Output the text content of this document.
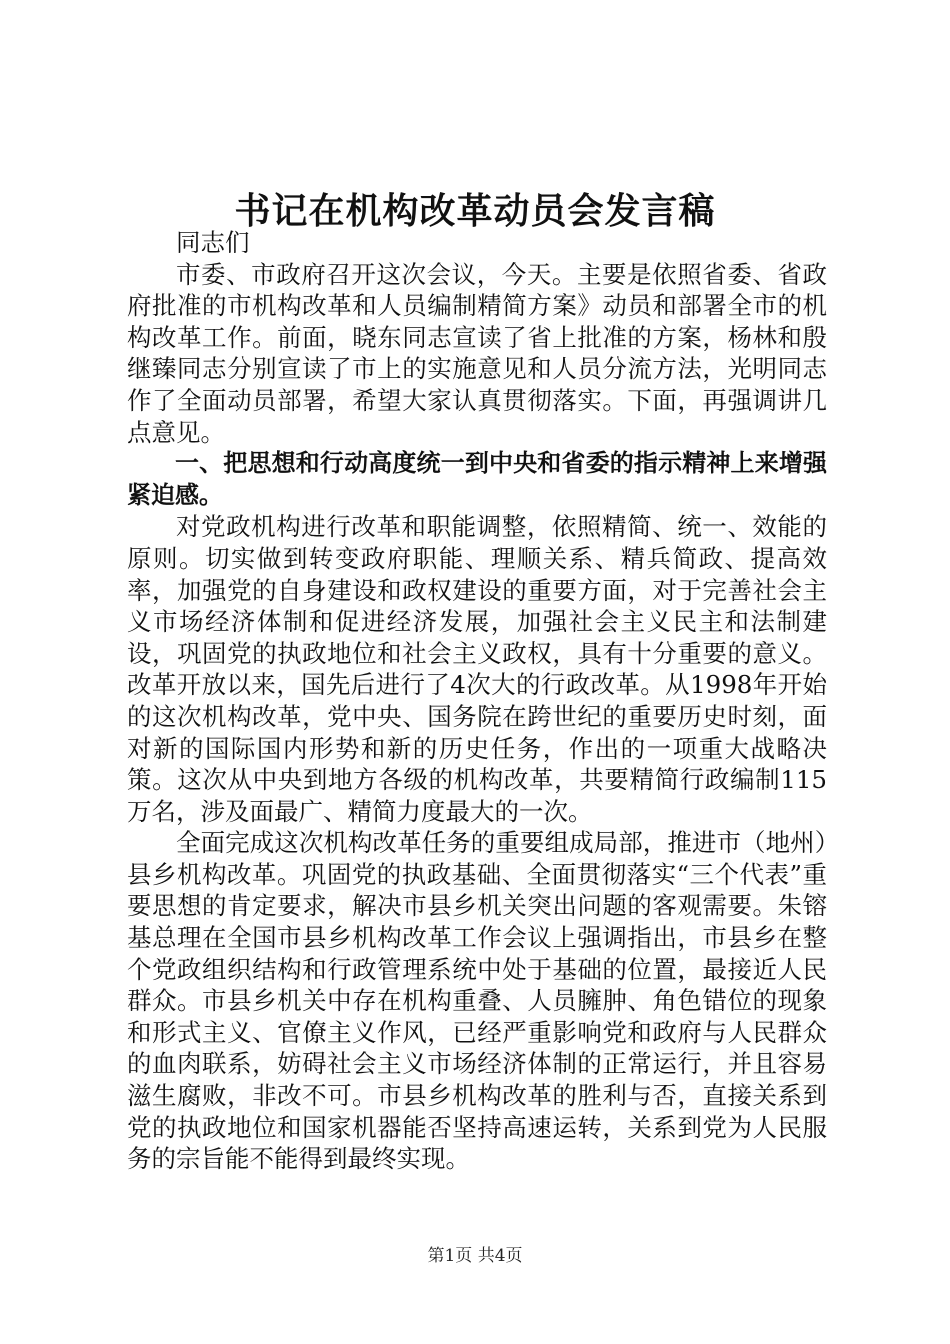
书记在机构改革动员会发言稿

同志们

市委、市政府召开这次会议，今天。主要是依照省委、省政府批准的市机构改革和人员编制精简方案》动员和部署全市的机构改革工作。前面，晓东同志宣读了省上批准的方案，杨林和殷继臻同志分别宣读了市上的实施意见和人员分流方法，光明同志作了全面动员部署，希望大家认真贯彻落实。下面，再强调讲几点意见。

一、把思想和行动高度统一到中央和省委的指示精神上来增强紧迫感。

对党政机构进行改革和职能调整，依照精简、统一、效能的原则。切实做到转变政府职能、理顺关系、精兵简政、提高效率，加强党的自身建设和政权建设的重要方面，对于完善社会主义市场经济体制和促进经济发展，加强社会主义民主和法制建设，巩固党的执政地位和社会主义政权，具有十分重要的意义。改革开放以来，国先后进行了4次大的行政改革。从1998年开始的这次机构改革，党中央、国务院在跨世纪的重要历史时刻，面对新的国际国内形势和新的历史任务，作出的一项重大战略决策。这次从中央到地方各级的机构改革，共要精简行政编制115万名，涉及面最广、精简力度最大的一次。

全面完成这次机构改革任务的重要组成局部，推进市（地州）县乡机构改革。巩固党的执政基础、全面贯彻落实“三个代表”重要思想的肯定要求，解决市县乡机关突出问题的客观需要。朱镕基总理在全国市县乡机构改革工作会议上强调指出，市县乡在整个党政组织结构和行政管理系统中处于基础的位置，最接近人民群众。市县乡机关中存在机构重叠、人员臃肿、角色错位的现象和形式主义、官僚主义作风，已经严重影响党和政府与人民群众的血肉联系，妨碍社会主义市场经济体制的正常运行，并且容易滋生腐败，非改不可。市县乡机构改革的胜利与否，直接关系到党的执政地位和国家机器能否坚持高速运转，关系到党为人民服务的宗旨能不能得到最终实现。

第1页 共4页
